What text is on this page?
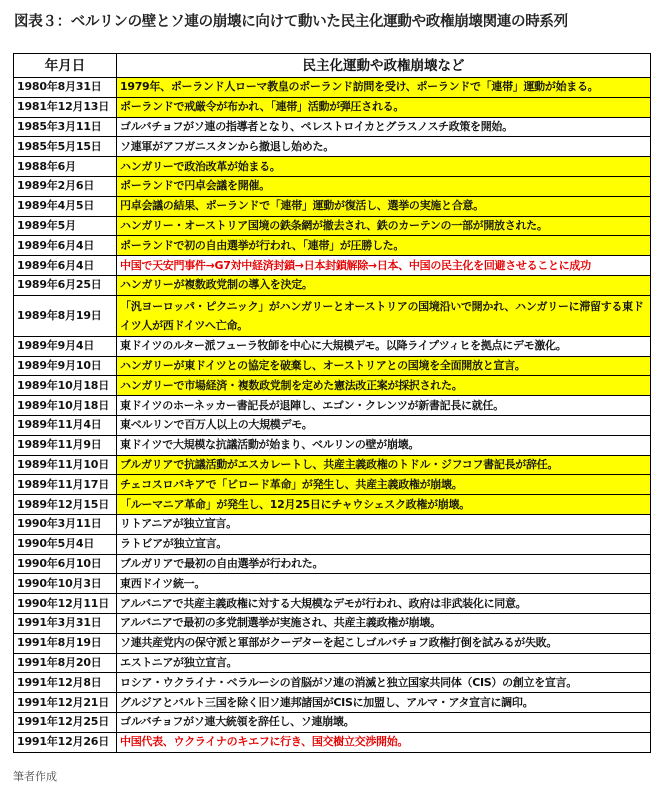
図表３：ベルリンの壁とソ連の崩壊に向けて動いた民主化運動や政権崩壊関連の時系列
年月日	民主化運動や政権崩壊など
1980年8月31日	1979年、ポーランド人ローマ教皇のポーランド訪問を受け、ポーランドで「連帯」運動が始まる。
1981年12月13日	ポーランドで戒厳令が布かれ、「連帯」活動が弾圧される。
1985年3月11日	ゴルバチョフがソ連の指導者となり、ペレストロイカとグラスノスチ政策を開始。
1985年5月15日	ソ連軍がアフガニスタンから撤退し始めた。
1988年6月	ハンガリーで政治改革が始まる。
1989年2月6日	ポーランドで円卓会議を開催。
1989年4月5日	円卓会議の結果、ポーランドで「連帯」運動が復活し、選挙の実施と合意。
1989年5月	ハンガリー・オーストリア国境の鉄条網が撤去され、鉄のカーテンの一部が開放された。
1989年6月4日	ポーランドで初の自由選挙が行われ、「連帯」が圧勝した。
1989年6月4日	中国で天安門事件→G7対中経済封鎖→日本封鎖解除→日本、中国の民主化を回避させることに成功
1989年6月25日	ハンガリーが複数政党制の導入を決定。
1989年8月19日	「汎ヨーロッパ・ピクニック」がハンガリーとオーストリアの国境沿いで開かれ、ハンガリーに滞留する東ドイツ人が西ドイツへ亡命。
1989年9月4日	東ドイツのルター派フューラ牧師を中心に大規模デモ。以降ライプツィヒを拠点にデモ激化。
1989年9月10日	ハンガリーが東ドイツとの協定を破棄し、オーストリアとの国境を全面開放と宣言。
1989年10月18日	ハンガリーで市場経済・複数政党制を定めた憲法改正案が採択された。
1989年10月18日	東ドイツのホーネッカー書記長が退陣し、エゴン・クレンツが新書記長に就任。
1989年11月4日	東ベルリンで百万人以上の大規模デモ。
1989年11月9日	東ドイツで大規模な抗議活動が始まり、ベルリンの壁が崩壊。
1989年11月10日	ブルガリアで抗議活動がエスカレートし、共産主義政権のトドル・ジフコフ書記長が辞任。
1989年11月17日	チェコスロバキアで「ビロード革命」が発生し、共産主義政権が崩壊。
1989年12月15日	「ルーマニア革命」が発生し、12月25日にチャウシェスク政権が崩壊。
1990年3月11日	リトアニアが独立宣言。
1990年5月4日	ラトビアが独立宣言。
1990年6月10日	ブルガリアで最初の自由選挙が行われた。
1990年10月3日	東西ドイツ統一。
1990年12月11日	アルバニアで共産主義政権に対する大規模なデモが行われ、政府は非武装化に同意。
1991年3月31日	アルバニアで最初の多党制選挙が実施され、共産主義政権が崩壊。
1991年8月19日	ソ連共産党内の保守派と軍部がクーデターを起こしゴルバチョフ政権打倒を試みるが失敗。
1991年8月20日	エストニアが独立宣言。
1991年12月8日	ロシア・ウクライナ・ベラルーシの首脳がソ連の消滅と独立国家共同体（CIS）の創立を宣言。
1991年12月21日	グルジアとバルト三国を除く旧ソ連邦諸国がCISに加盟し、アルマ・アタ宣言に調印。
1991年12月25日	ゴルバチョフがソ連大統領を辞任し、ソ連崩壊。
1991年12月26日	中国代表、ウクライナのキエフに行き、国交樹立交渉開始。
筆者作成
